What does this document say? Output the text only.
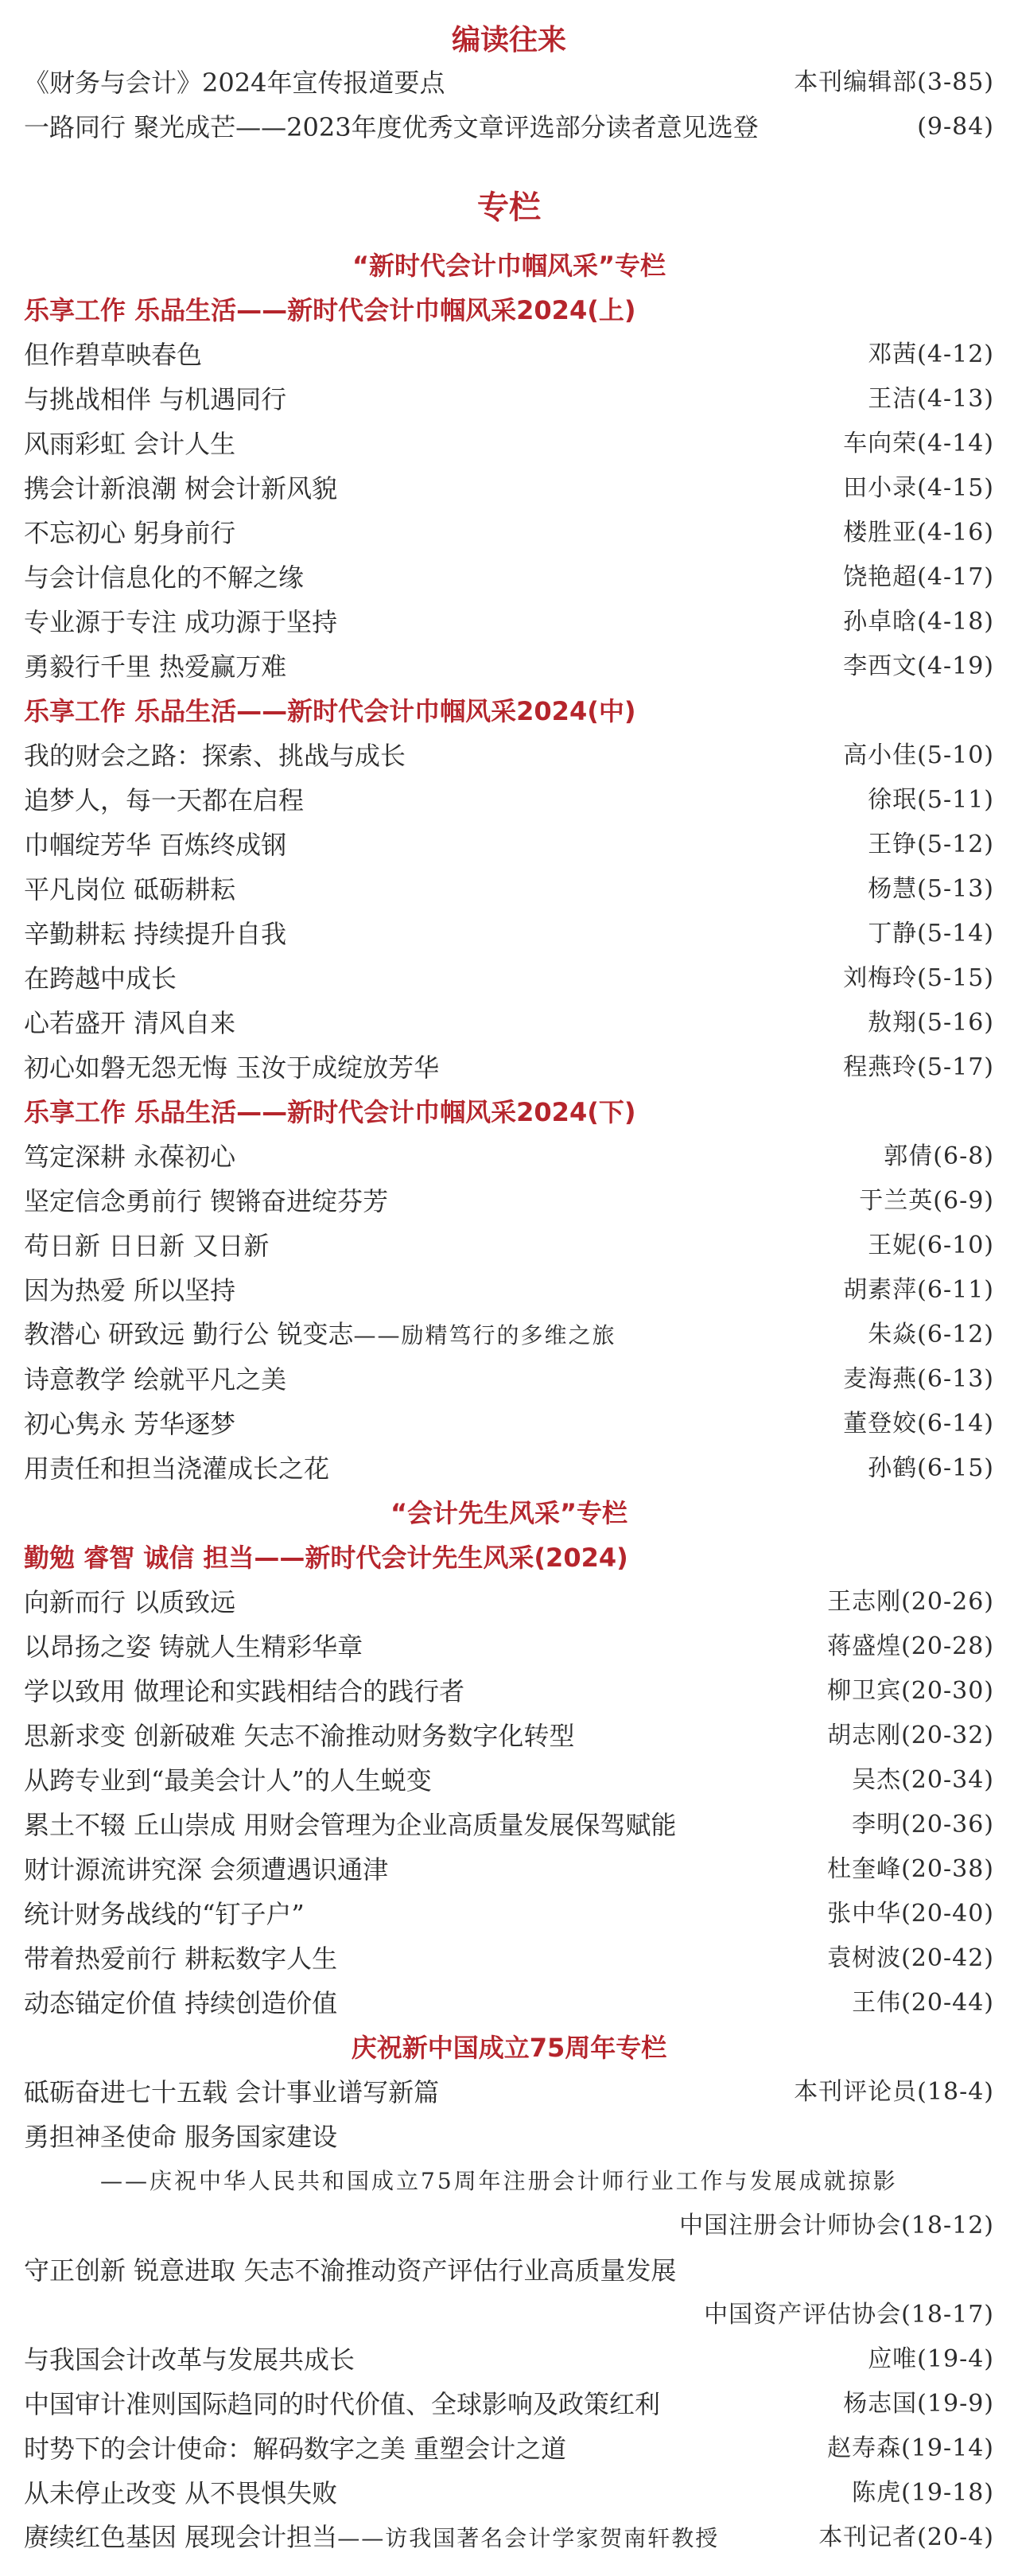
编读往来
《财务与会计》2024年宣传报道要点	本刊编辑部(3-85)
一路同行 聚光成芒——2023年度优秀文章评选部分读者意见选登	(9-84)
专栏
“新时代会计巾帼风采”专栏
乐享工作 乐品生活——新时代会计巾帼风采2024(上)
但作碧草映春色	邓茜(4-12)
与挑战相伴 与机遇同行	王洁(4-13)
风雨彩虹 会计人生	车向荣(4-14)
携会计新浪潮 树会计新风貌	田小录(4-15)
不忘初心 躬身前行	楼胜亚(4-16)
与会计信息化的不解之缘	饶艳超(4-17)
专业源于专注 成功源于坚持	孙卓晗(4-18)
勇毅行千里 热爱赢万难	李西文(4-19)
乐享工作 乐品生活——新时代会计巾帼风采2024(中)
我的财会之路：探索、挑战与成长	高小佳(5-10)
追梦人，每一天都在启程	徐珉(5-11)
巾帼绽芳华 百炼终成钢	王铮(5-12)
平凡岗位 砥砺耕耘	杨慧(5-13)
辛勤耕耘 持续提升自我	丁静(5-14)
在跨越中成长	刘梅玲(5-15)
心若盛开 清风自来	敖翔(5-16)
初心如磐无怨无悔 玉汝于成绽放芳华	程燕玲(5-17)
乐享工作 乐品生活——新时代会计巾帼风采2024(下)
笃定深耕 永葆初心	郭倩(6-8)
坚定信念勇前行 锲锵奋进绽芬芳	于兰英(6-9)
苟日新 日日新 又日新	王妮(6-10)
因为热爱 所以坚持	胡素萍(6-11)
教潜心 研致远 勤行公 锐变志——励精笃行的多维之旅	朱焱(6-12)
诗意教学 绘就平凡之美	麦海燕(6-13)
初心隽永 芳华逐梦	董登姣(6-14)
用责任和担当浇灌成长之花	孙鹤(6-15)
“会计先生风采”专栏
勤勉 睿智 诚信 担当——新时代会计先生风采(2024)
向新而行 以质致远	王志刚(20-26)
以昂扬之姿 铸就人生精彩华章	蒋盛煌(20-28)
学以致用 做理论和实践相结合的践行者	柳卫宾(20-30)
思新求变 创新破难 矢志不渝推动财务数字化转型	胡志刚(20-32)
从跨专业到“最美会计人”的人生蜕变	吴杰(20-34)
累土不辍 丘山崇成 用财会管理为企业高质量发展保驾赋能	李明(20-36)
财计源流讲究深 会须遭遇识通津	杜奎峰(20-38)
统计财务战线的“钉子户”	张中华(20-40)
带着热爱前行 耕耘数字人生	袁树波(20-42)
动态锚定价值 持续创造价值	王伟(20-44)
庆祝新中国成立75周年专栏
砥砺奋进七十五载 会计事业谱写新篇	本刊评论员(18-4)
勇担神圣使命 服务国家建设
——庆祝中华人民共和国成立75周年注册会计师行业工作与发展成就掠影
中国注册会计师协会(18-12)
守正创新 锐意进取 矢志不渝推动资产评估行业高质量发展
中国资产评估协会(18-17)
与我国会计改革与发展共成长	应唯(19-4)
中国审计准则国际趋同的时代价值、全球影响及政策红利	杨志国(19-9)
时势下的会计使命：解码数字之美 重塑会计之道	赵寿森(19-14)
从未停止改变 从不畏惧失败	陈虎(19-18)
赓续红色基因 展现会计担当——访我国著名会计学家贺南轩教授	本刊记者(20-4)
